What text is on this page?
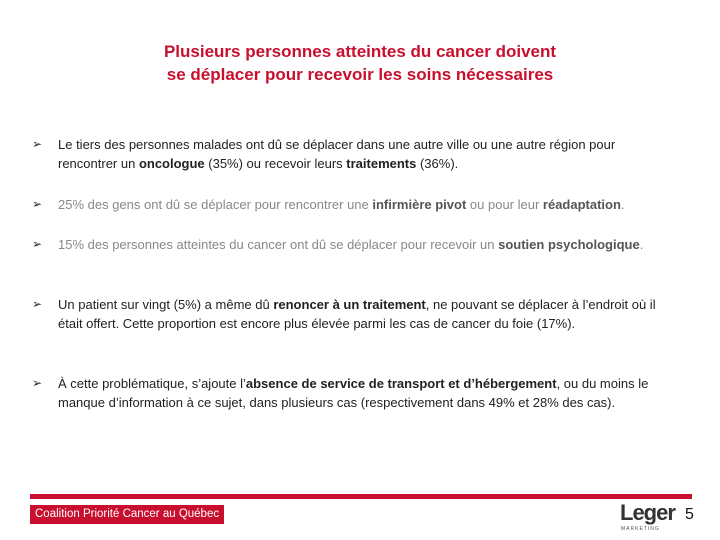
Plusieurs personnes atteintes du cancer doivent
se déplacer pour recevoir les soins nécessaires
➢	Le tiers des personnes malades ont dû se déplacer dans une autre ville ou une autre région pour rencontrer un oncologue (35%) ou recevoir leurs traitements (36%).
➢	25% des gens ont dû se déplacer pour rencontrer une infirmière pivot ou pour leur réadaptation.
➢	15% des personnes atteintes du cancer ont dû se déplacer pour recevoir un soutien psychologique.
➢	Un patient sur vingt (5%) a même dû renoncer à un traitement, ne pouvant se déplacer à l’endroit où il était offert. Cette proportion est encore plus élevée parmi les cas de cancer du foie (17%).
➢	À cette problématique, s’ajoute l’absence de service de transport et d’hébergement, ou du moins le manque d’information à ce sujet, dans plusieurs cas (respectivement dans 49% et 28% des cas).
Coalition Priorité Cancer au Québec	Leger
MARKETING
5
